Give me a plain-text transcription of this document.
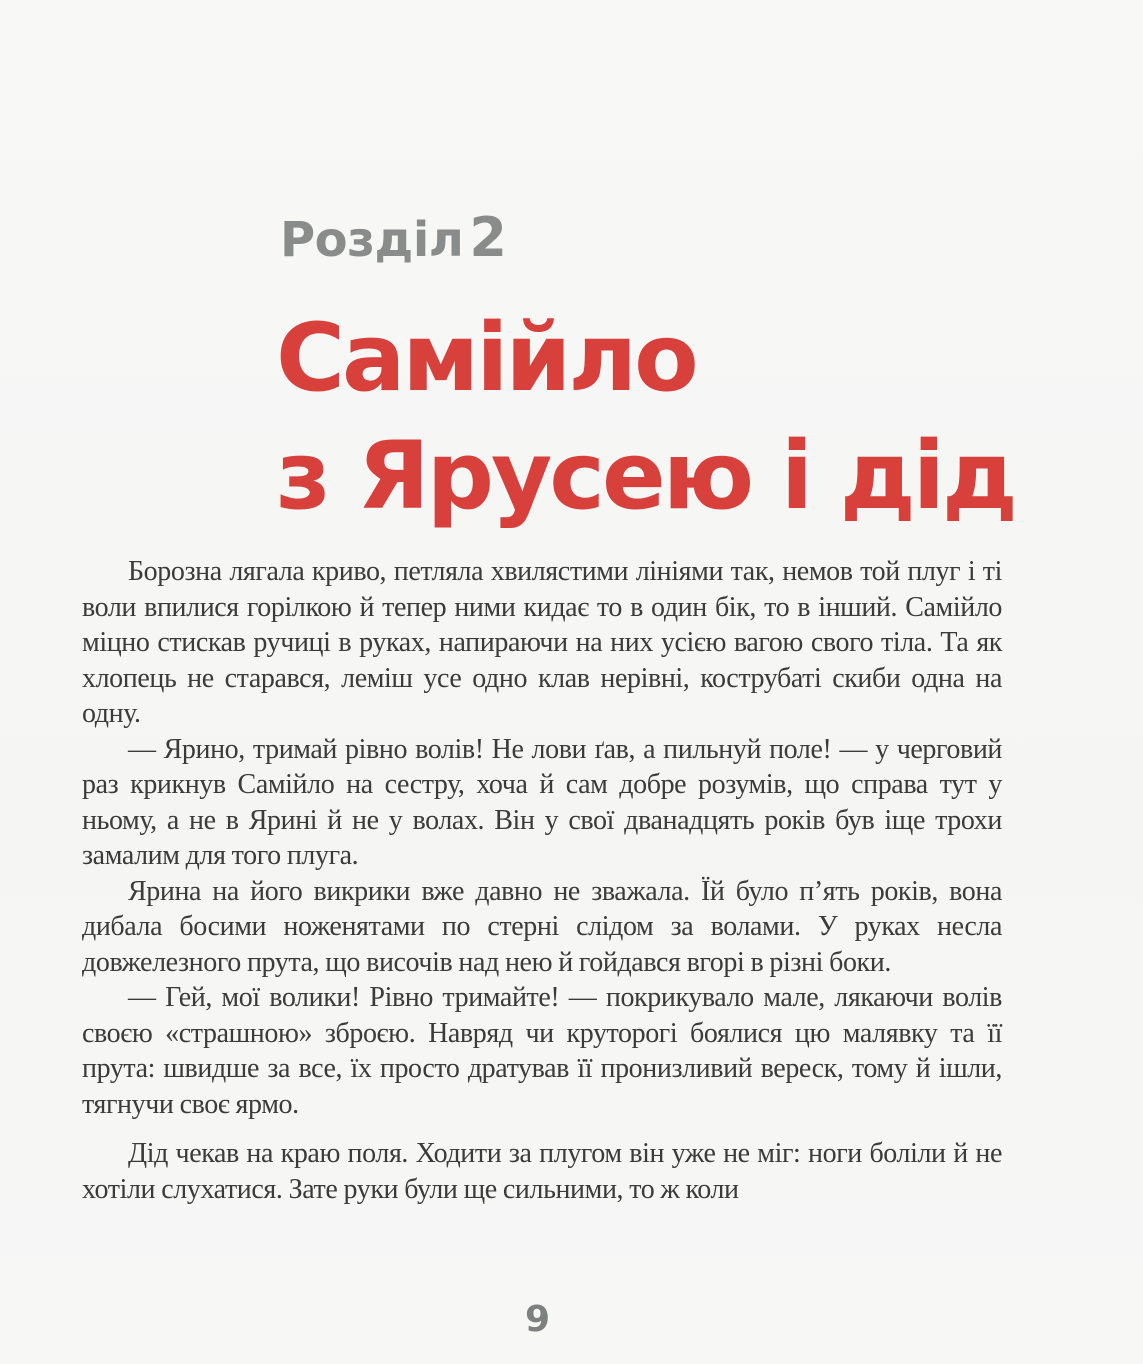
Розділ 2
Самійло
з Ярусею і дід

Борозна лягала криво, петляла хвилястими лініями так, немов той плуг і ті воли впилися горілкою й тепер ними кидає то в один бік, то в інший. Самійло міцно стискав ручиці в руках, напираючи на них усією вагою свого тіла. Та як хлопець не старався, леміш усе одно клав нерівні, кострубаті скиби одна на одну.

— Ярино, тримай рівно волів! Не лови ґав, а пильнуй поле! — у черговий раз крикнув Самійло на сестру, хоча й сам добре розумів, що справа тут у ньому, а не в Ярині й не у волах. Він у свої дванадцять років був іще трохи замалим для того плуга.

Ярина на його викрики вже давно не зважала. Їй було п’ять років, вона дибала босими ноженятами по стерні слідом за волами. У руках несла довжелезного прута, що височів над нею й гойдався вгорі в різні боки.

— Гей, мої волики! Рівно тримайте! — покрикувало мале, лякаючи волів своєю «страшною» зброєю. Навряд чи круторогі боялися цю малявку та її прута: швидше за все, їх просто дратував її пронизливий вереск, тому й ішли, тягнучи своє ярмо.

Дід чекав на краю поля. Ходити за плугом він уже не міг: ноги боліли й не хотіли слухатися. Зате руки були ще сильними, то ж коли

9
